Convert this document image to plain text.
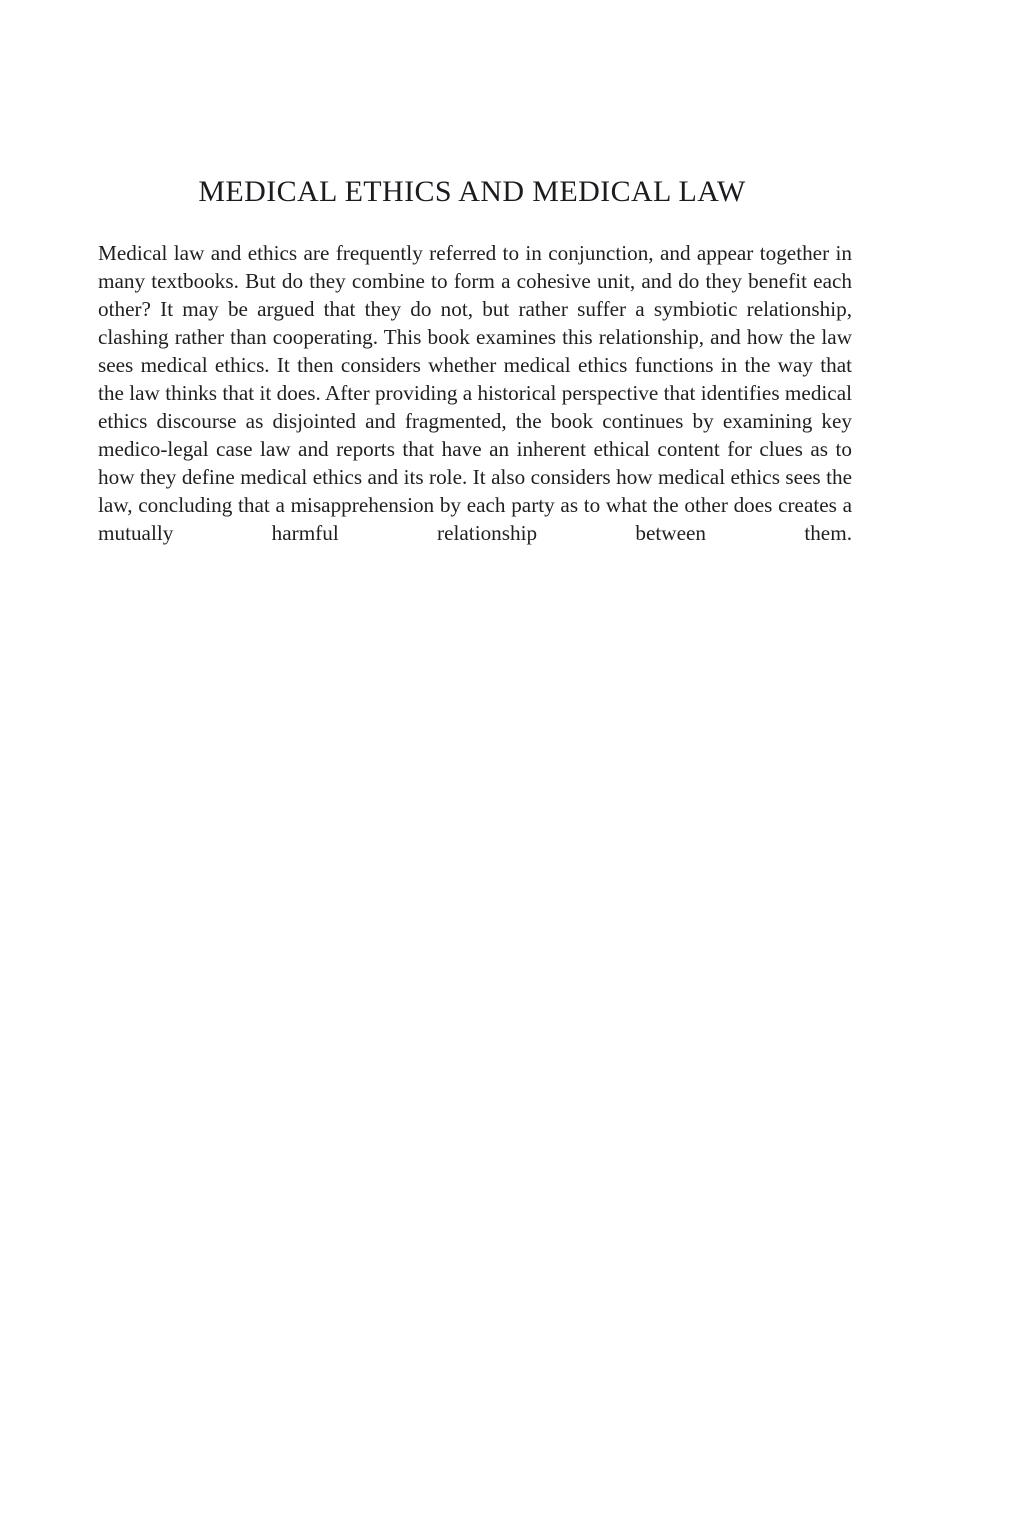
MEDICAL ETHICS AND MEDICAL LAW

Medical law and ethics are frequently referred to in conjunction, and appear together in many textbooks. But do they combine to form a cohesive unit, and do they benefit each other? It may be argued that they do not, but rather suffer a symbiotic relationship, clashing rather than cooperating. This book examines this relationship, and how the law sees medical ethics. It then considers whether medical ethics functions in the way that the law thinks that it does. After providing a historical perspective that identifies medical ethics discourse as disjointed and fragmented, the book continues by examining key medico-legal case law and reports that have an inherent ethical content for clues as to how they define medical ethics and its role. It also considers how medical ethics sees the law, concluding that a misapprehension by each party as to what the other does creates a mutually harmful relationship between them.
